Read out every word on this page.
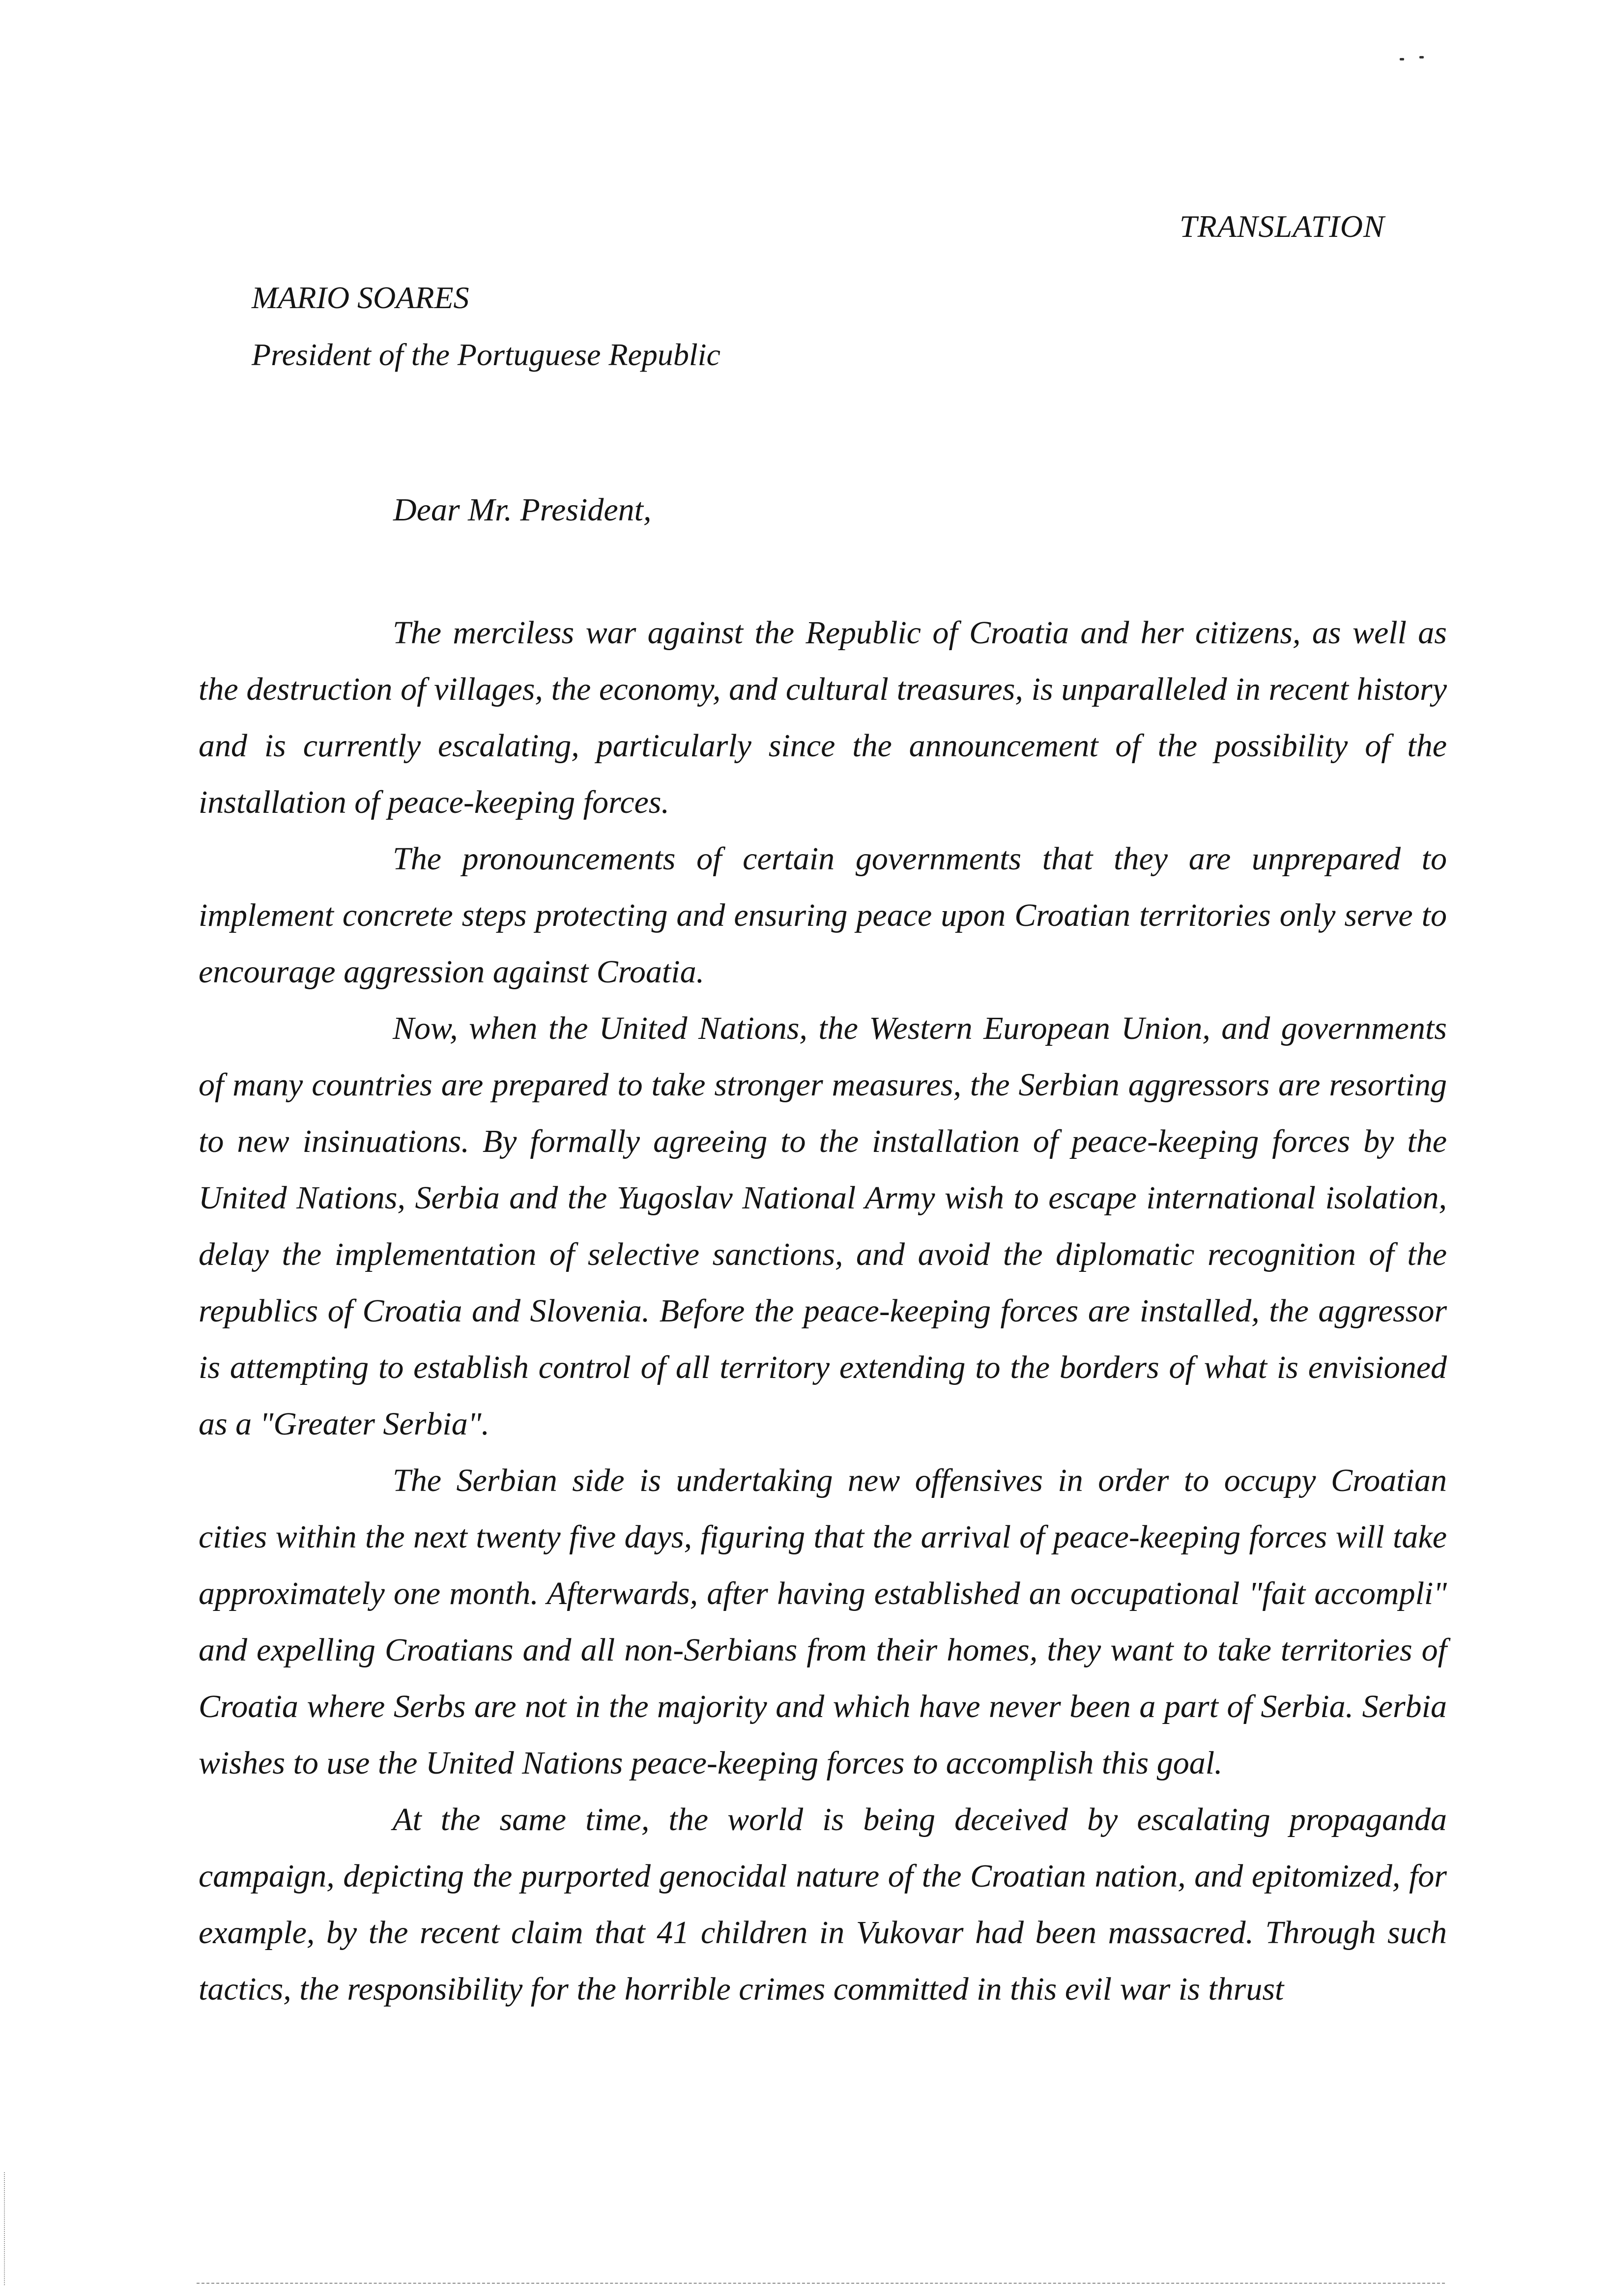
TRANSLATION
MARIO SOARES
President of the Portuguese Republic
Dear Mr. President,

The merciless war against the Republic of Croatia and her citizens, as well as the destruction of villages, the economy, and cultural treasures, is unparalleled in recent history and is currently escalating, particularly since the announcement of the possibility of the installation of peace-keeping forces.

The pronouncements of certain governments that they are unprepared to implement concrete steps protecting and ensuring peace upon Croatian territories only serve to encourage aggression against Croatia.

Now, when the United Nations, the Western European Union, and governments of many countries are prepared to take stronger measures, the Serbian aggressors are resorting to new insinuations. By formally agreeing to the installation of peace-keeping forces by the United Nations, Serbia and the Yugoslav National Army wish to escape international isolation, delay the implementation of selective sanctions, and avoid the diplomatic recognition of the republics of Croatia and Slovenia. Before the peace-keeping forces are installed, the aggressor is attempting to establish control of all territory extending to the borders of what is envisioned as a "Greater Serbia".

The Serbian side is undertaking new offensives in order to occupy Croatian cities within the next twenty five days, figuring that the arrival of peace-keeping forces will take approximately one month. Afterwards, after having established an occupational "fait accompli" and expelling Croatians and all non-Serbians from their homes, they want to take territories of Croatia where Serbs are not in the majority and which have never been a part of Serbia. Serbia wishes to use the United Nations peace-keeping forces to accomplish this goal.

At the same time, the world is being deceived by escalating propaganda campaign, depicting the purported genocidal nature of the Croatian nation, and epitomized, for example, by the recent claim that 41 children in Vukovar had been massacred. Through such tactics, the responsibility for the horrible crimes committed in this evil war is thrust
